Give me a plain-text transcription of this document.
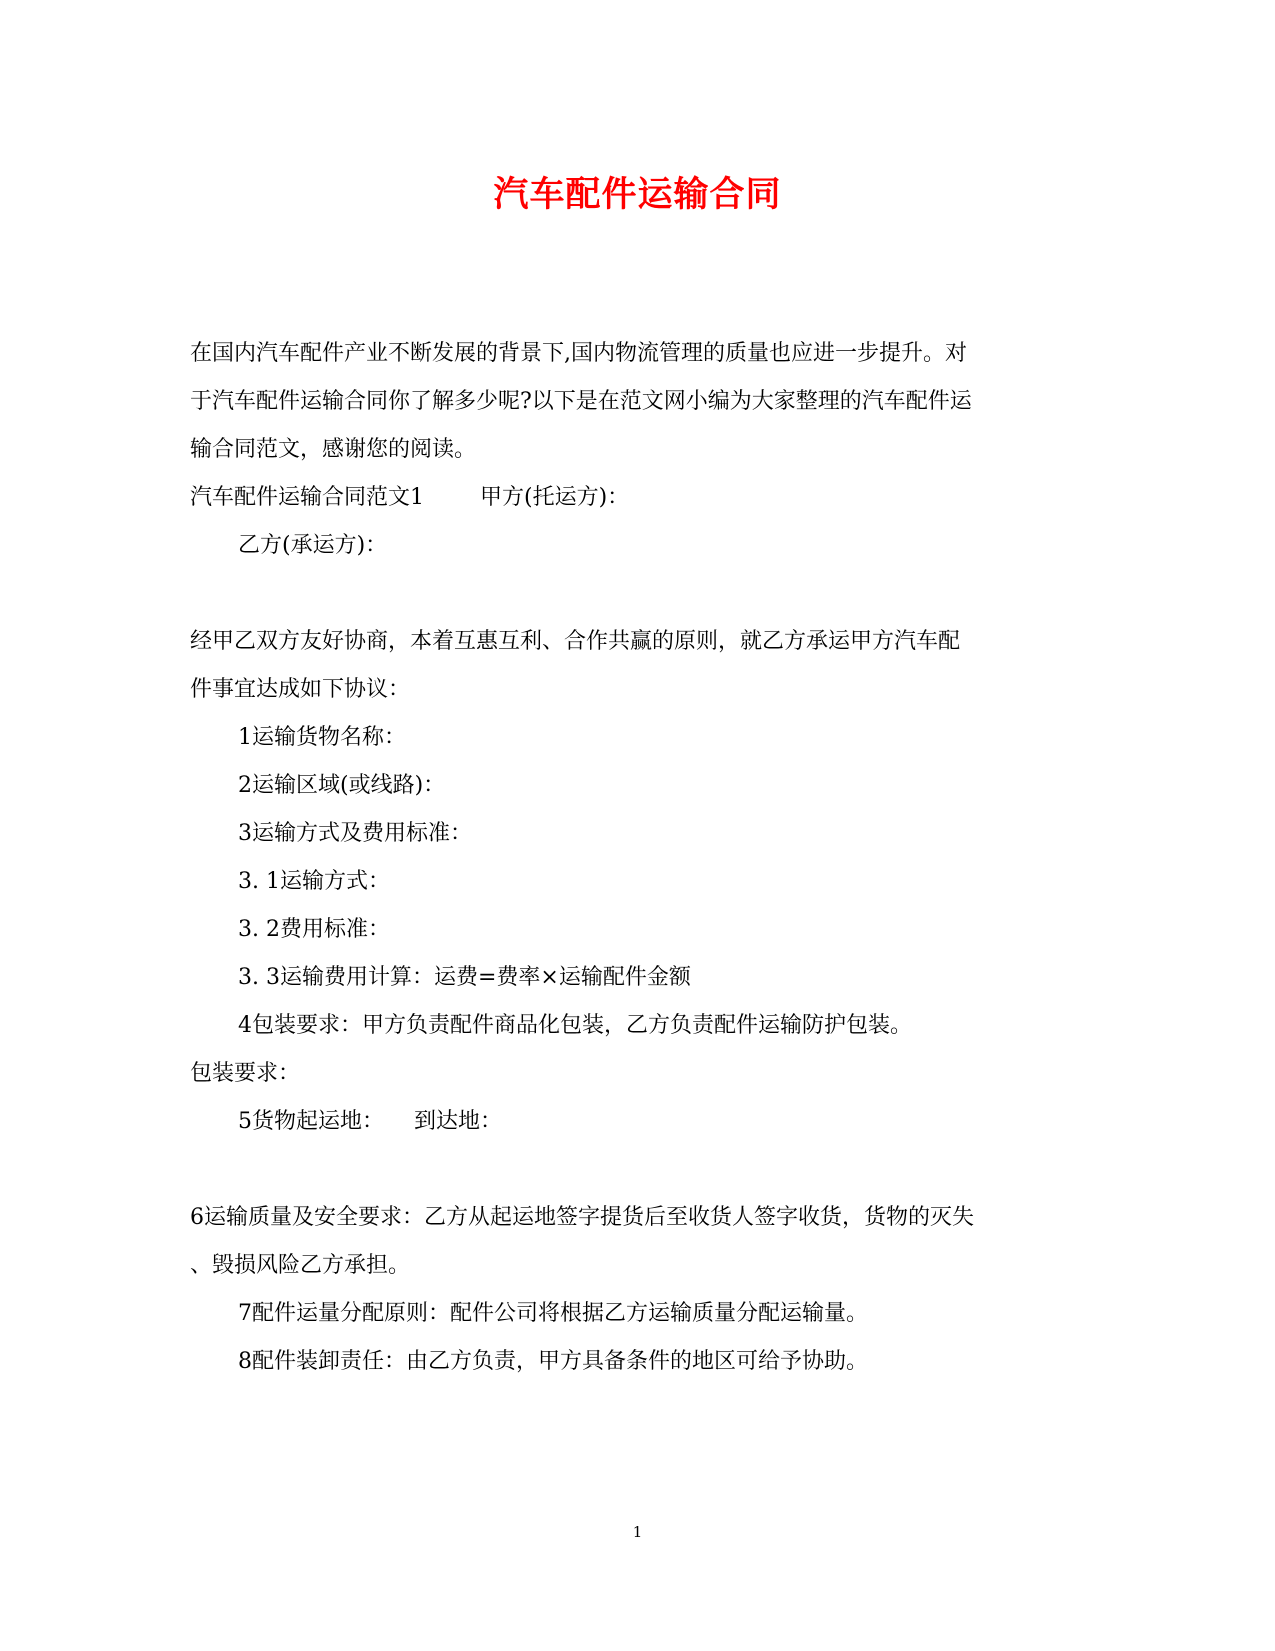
汽车配件运输合同
在国内汽车配件产业不断发展的背景下,国内物流管理的质量也应进一步提升。对
于汽车配件运输合同你了解多少呢?以下是在范文网小编为大家整理的汽车配件运
输合同范文，感谢您的阅读。
汽车配件运输合同范文1	甲方(托运方)：
乙方(承运方)：
经甲乙双方友好协商，本着互惠互利、合作共赢的原则，就乙方承运甲方汽车配
件事宜达成如下协议：
1运输货物名称：
2运输区域(或线路)：
3运输方式及费用标准：
3. 1运输方式：
3. 2费用标准：
3. 3运输费用计算：运费=费率×运输配件金额
4包装要求：甲方负责配件商品化包装，乙方负责配件运输防护包装。
包装要求：
5货物起运地： 到达地：
6运输质量及安全要求：乙方从起运地签字提货后至收货人签字收货，货物的灭失
、毁损风险乙方承担。
7配件运量分配原则：配件公司将根据乙方运输质量分配运输量。
8配件装卸责任：由乙方负责，甲方具备条件的地区可给予协助。
1
